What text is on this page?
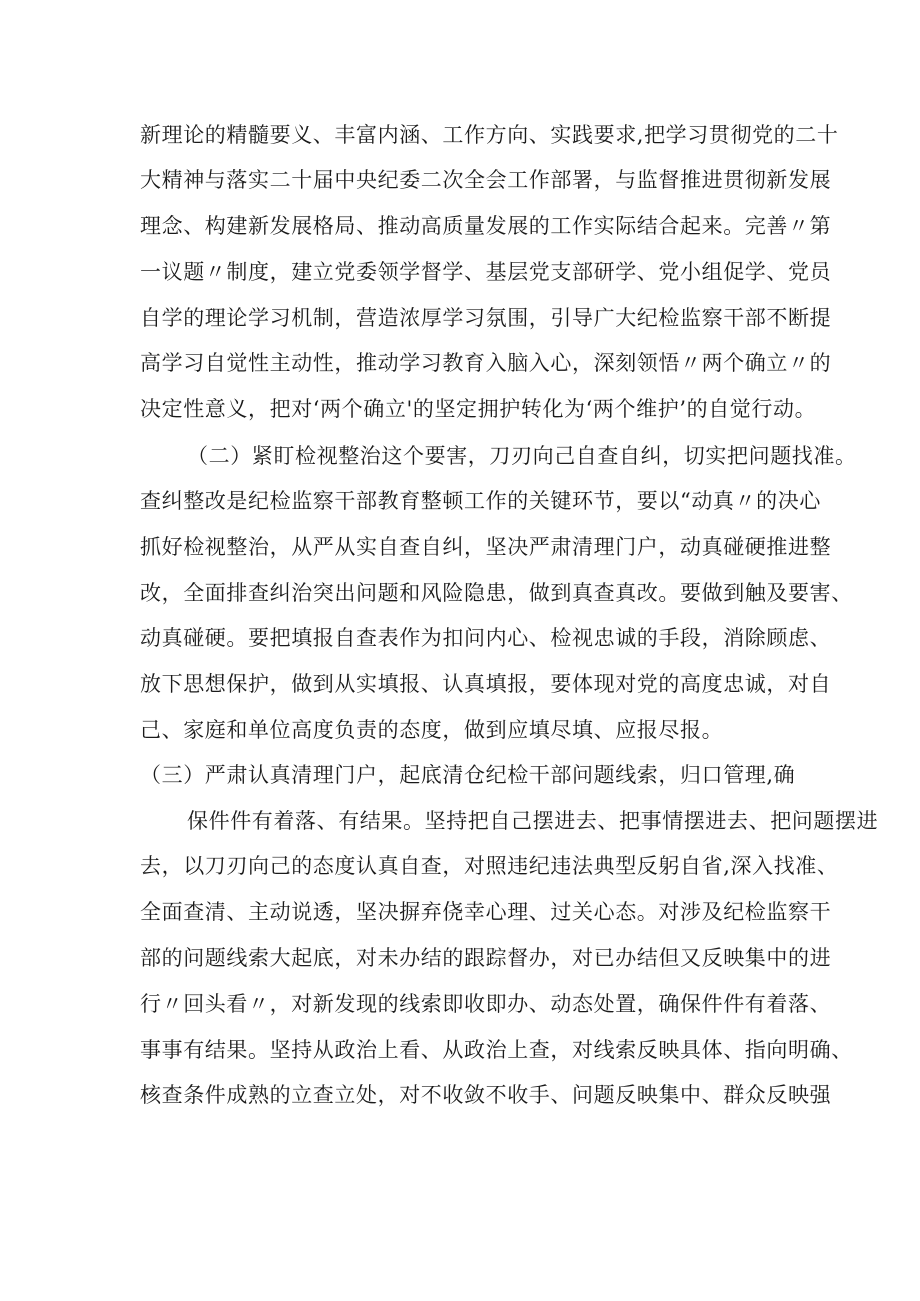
新理论的精髓要义、丰富内涵、工作方向、实践要求,把学习贯彻党的二十
大精神与落实二十届中央纪委二次全会工作部署，与监督推进贯彻新发展
理念、构建新发展格局、推动高质量发展的工作实际结合起来。完善〃第
一议题〃制度，建立党委领学督学、基层党支部研学、党小组促学、党员
自学的理论学习机制，营造浓厚学习氛围，引导广大纪检监察干部不断提
高学习自觉性主动性，推动学习教育入脑入心，深刻领悟〃两个确立〃的
决定性意义，把对‘两个确立'的坚定拥护转化为‘两个维护’的自觉行动。
（二）紧盯检视整治这个要害，刀刃向己自查自纠，切实把问题找准。
查纠整改是纪检监察干部教育整顿工作的关键环节，要以“动真〃的决心
抓好检视整治，从严从实自查自纠，坚决严肃清理门户，动真碰硬推进整
改，全面排查纠治突出问题和风险隐患，做到真查真改。要做到触及要害、
动真碰硬。要把填报自查表作为扣问内心、检视忠诚的手段，消除顾虑、
放下思想保护，做到从实填报、认真填报，要体现对党的高度忠诚，对自
己、家庭和单位高度负责的态度，做到应填尽填、应报尽报。
（三）严肃认真清理门户，起底清仓纪检干部问题线索，归口管理,确
保件件有着落、有结果。坚持把自己摆进去、把事情摆进去、把问题摆进
去，以刀刃向己的态度认真自查，对照违纪违法典型反躬自省,深入找准、
全面查清、主动说透，坚决摒弃侥幸心理、过关心态。对涉及纪检监察干
部的问题线索大起底，对未办结的跟踪督办，对已办结但又反映集中的进
行〃回头看〃，对新发现的线索即收即办、动态处置，确保件件有着落、
事事有结果。坚持从政治上看、从政治上查，对线索反映具体、指向明确、
核查条件成熟的立查立处，对不收敛不收手、问题反映集中、群众反映强
